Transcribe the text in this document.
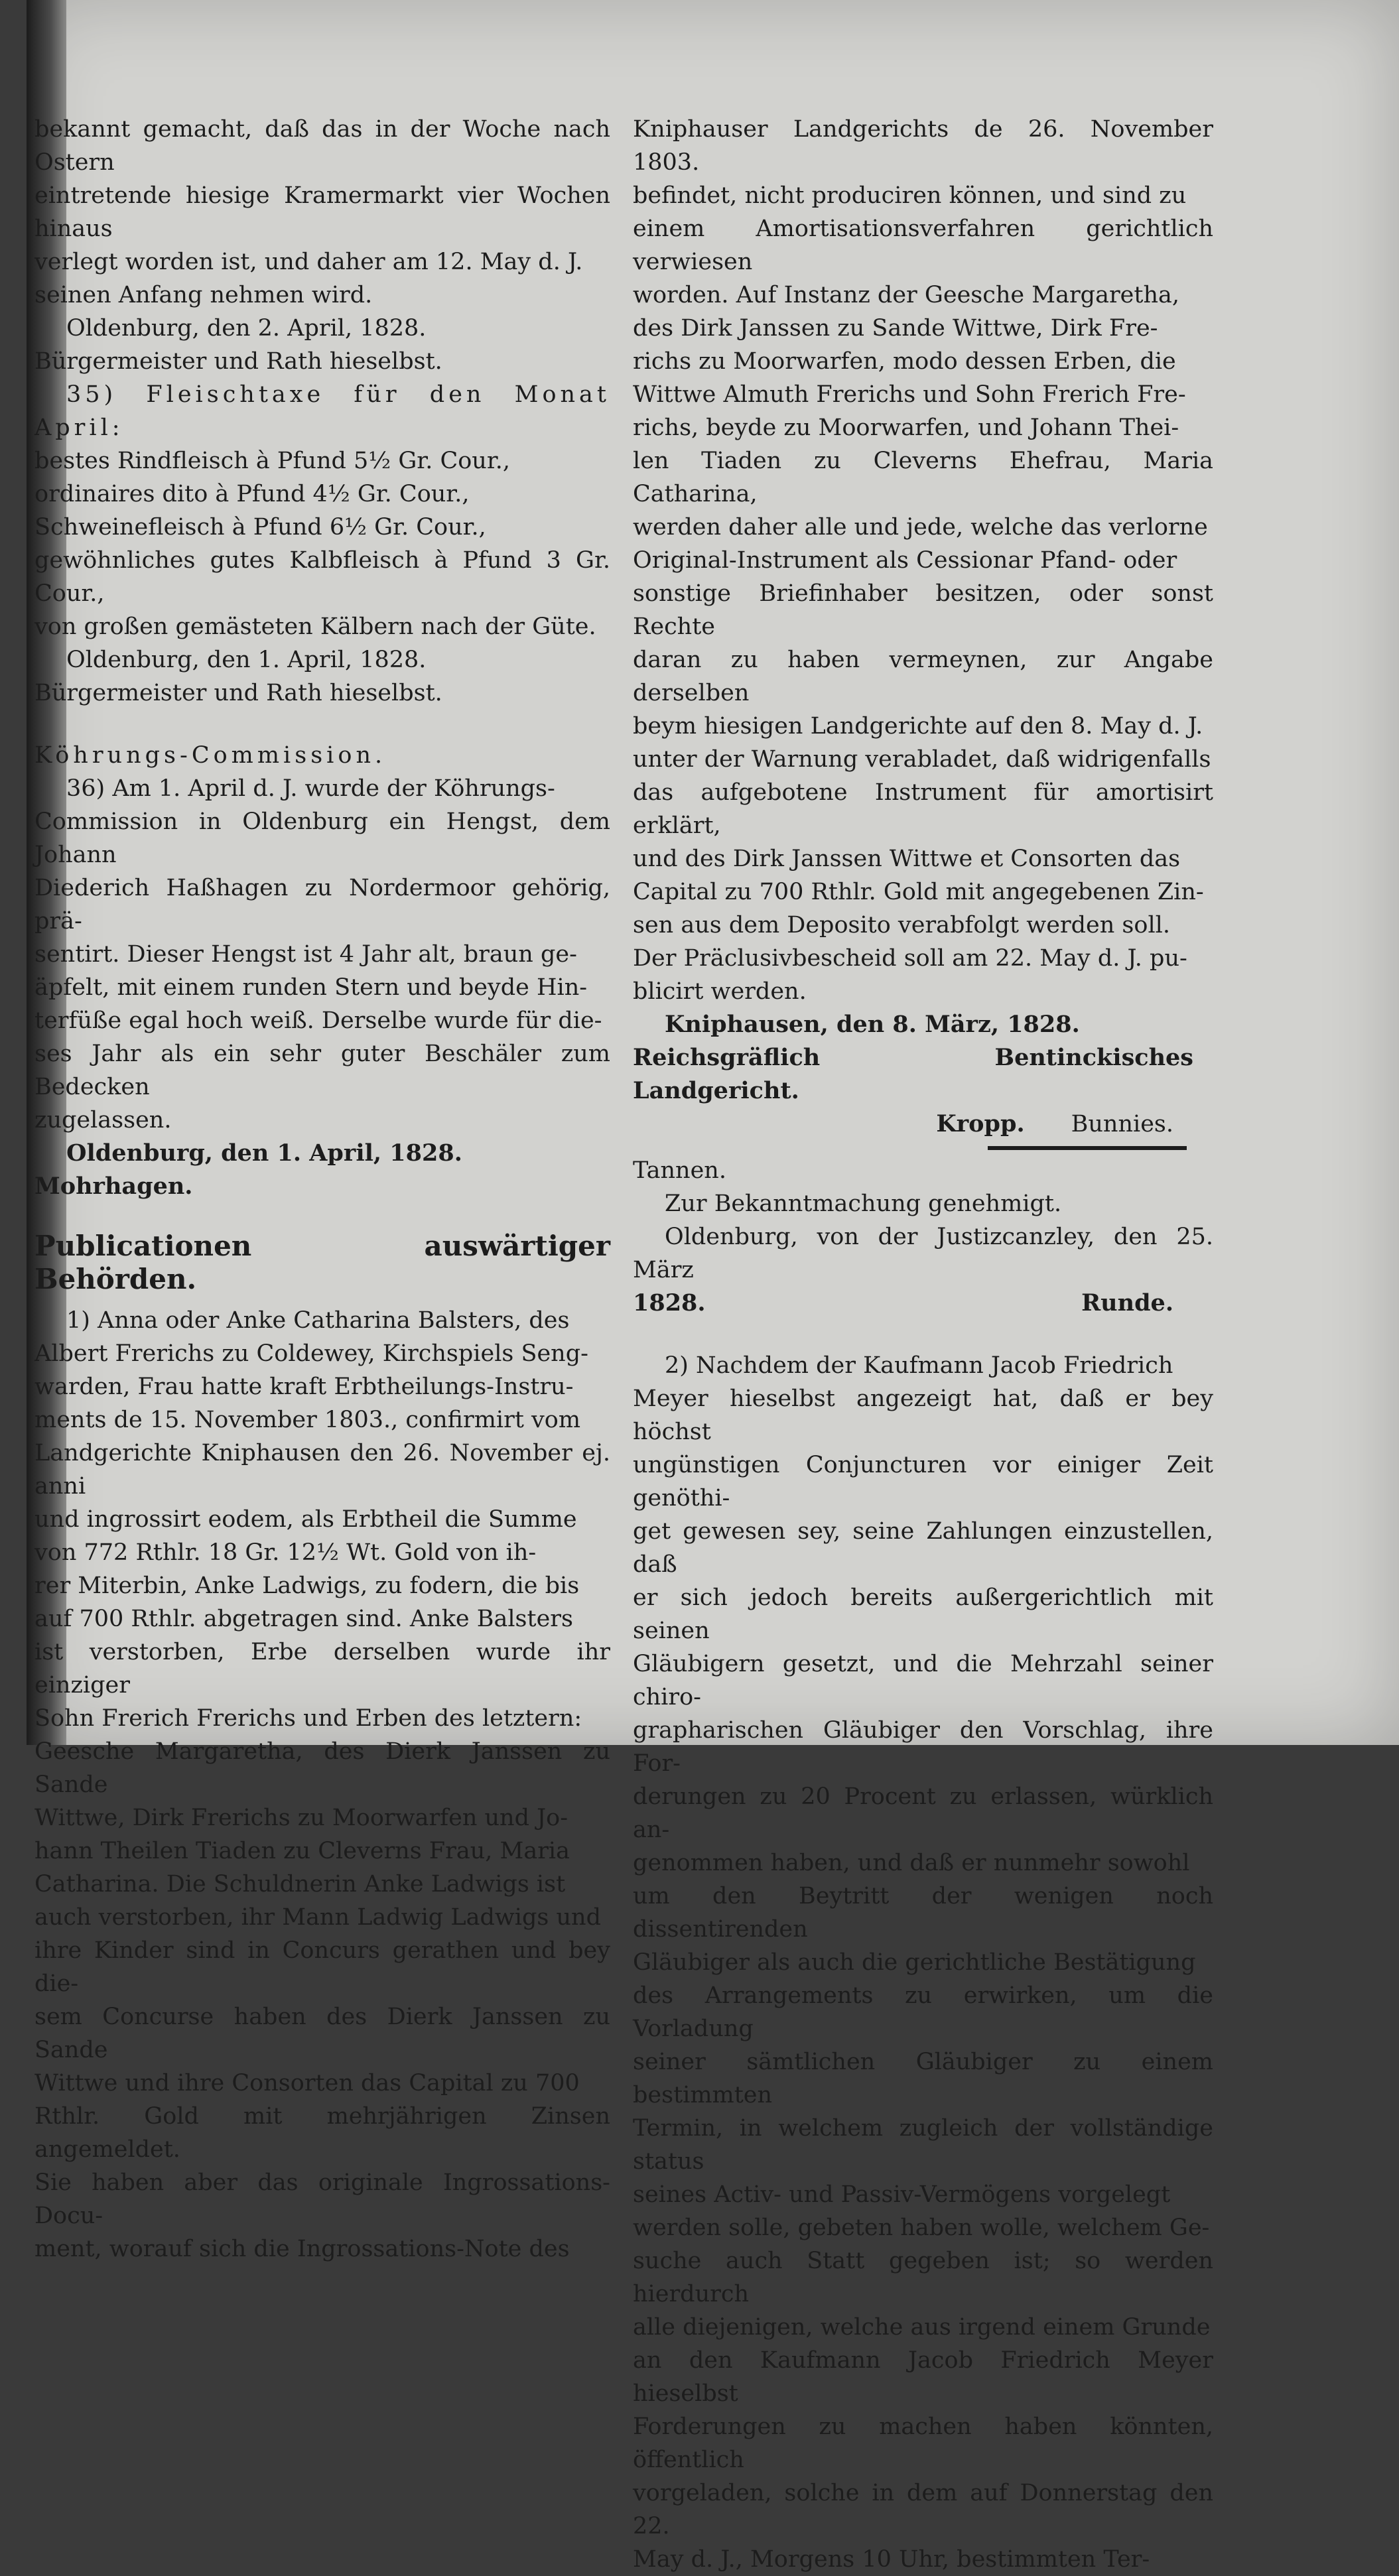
bekannt gemacht, daß das in der Woche nach Ostern

eintretende hiesige Kramermarkt vier Wochen hinaus

verlegt worden ist, und daher am 12. May d. J.

seinen Anfang nehmen wird.

Oldenburg, den 2. April, 1828.

Bürgermeister und Rath hieselbst.

35) Fleischtaxe für den Monat April:

bestes Rindfleisch à Pfund 5½ Gr. Cour.,

ordinaires dito à Pfund 4½ Gr. Cour.,

Schweinefleisch à Pfund 6½ Gr. Cour.,

gewöhnliches gutes Kalbfleisch à Pfund 3 Gr. Cour.,

von großen gemästeten Kälbern nach der Güte.

Oldenburg, den 1. April, 1828.

Bürgermeister und Rath hieselbst.

Köhrungs-Commission.

36) Am 1. April d. J. wurde der Köhrungs-

Commission in Oldenburg ein Hengst, dem Johann

Diederich Haßhagen zu Nordermoor gehörig, prä-

sentirt. Dieser Hengst ist 4 Jahr alt, braun ge-

äpfelt, mit einem runden Stern und beyde Hin-

terfüße egal hoch weiß. Derselbe wurde für die-

ses Jahr als ein sehr guter Beschäler zum Bedecken

zugelassen.

Oldenburg, den 1. April, 1828.

Mohrhagen.

Publicationen auswärtiger Behörden.

1) Anna oder Anke Catharina Balsters, des

Albert Frerichs zu Coldewey, Kirchspiels Seng-

warden, Frau hatte kraft Erbtheilungs-Instru-

ments de 15. November 1803., confirmirt vom

Landgerichte Kniphausen den 26. November ej. anni

und ingrossirt eodem, als Erbtheil die Summe

von 772 Rthlr. 18 Gr. 12½ Wt. Gold von ih-

rer Miterbin, Anke Ladwigs, zu fodern, die bis

auf 700 Rthlr. abgetragen sind. Anke Balsters

ist verstorben, Erbe derselben wurde ihr einziger

Sohn Frerich Frerichs und Erben des letztern:

Geesche Margaretha, des Dierk Janssen zu Sande

Wittwe, Dirk Frerichs zu Moorwarfen und Jo-

hann Theilen Tiaden zu Cleverns Frau, Maria

Catharina. Die Schuldnerin Anke Ladwigs ist

auch verstorben, ihr Mann Ladwig Ladwigs und

ihre Kinder sind in Concurs gerathen und bey die-

sem Concurse haben des Dierk Janssen zu Sande

Wittwe und ihre Consorten das Capital zu 700

Rthlr. Gold mit mehrjährigen Zinsen angemeldet.

Sie haben aber das originale Ingrossations-Docu-

ment, worauf sich die Ingrossations-Note des

Kniphauser Landgerichts de 26. November 1803.

befindet, nicht produciren können, und sind zu

einem Amortisationsverfahren gerichtlich verwiesen

worden. Auf Instanz der Geesche Margaretha,

des Dirk Janssen zu Sande Wittwe, Dirk Fre-

richs zu Moorwarfen, modo dessen Erben, die

Wittwe Almuth Frerichs und Sohn Frerich Fre-

richs, beyde zu Moorwarfen, und Johann Thei-

len Tiaden zu Cleverns Ehefrau, Maria Catharina,

werden daher alle und jede, welche das verlorne

Original-Instrument als Cessionar Pfand- oder

sonstige Briefinhaber besitzen, oder sonst Rechte

daran zu haben vermeynen, zur Angabe derselben

beym hiesigen Landgerichte auf den 8. May d. J.

unter der Warnung verabladet, daß widrigenfalls

das aufgebotene Instrument für amortisirt erklärt,

und des Dirk Janssen Wittwe et Consorten das

Capital zu 700 Rthlr. Gold mit angegebenen Zin-

sen aus dem Deposito verabfolgt werden soll.

Der Präclusivbescheid soll am 22. May d. J. pu-

blicirt werden.

Kniphausen, den 8. März, 1828.

Reichsgräflich Bentinckisches Landgericht.

Kropp. Bunnies.

Tannen.

Zur Bekanntmachung genehmigt.

Oldenburg, von der Justizcanzley, den 25. März

1828.	Runde.

2) Nachdem der Kaufmann Jacob Friedrich

Meyer hieselbst angezeigt hat, daß er bey höchst

ungünstigen Conjuncturen vor einiger Zeit genöthi-

get gewesen sey, seine Zahlungen einzustellen, daß

er sich jedoch bereits außergerichtlich mit seinen

Gläubigern gesetzt, und die Mehrzahl seiner chiro-

grapharischen Gläubiger den Vorschlag, ihre For-

derungen zu 20 Procent zu erlassen, würklich an-

genommen haben, und daß er nunmehr sowohl

um den Beytritt der wenigen noch dissentirenden

Gläubiger als auch die gerichtliche Bestätigung

des Arrangements zu erwirken, um die Vorladung

seiner sämtlichen Gläubiger zu einem bestimmten

Termin, in welchem zugleich der vollständige status

seines Activ- und Passiv-Vermögens vorgelegt

werden solle, gebeten haben wolle, welchem Ge-

suche auch Statt gegeben ist; so werden hierdurch

alle diejenigen, welche aus irgend einem Grunde

an den Kaufmann Jacob Friedrich Meyer hieselbst

Forderungen zu machen haben könnten, öffentlich

vorgeladen, solche in dem auf Donnerstag den 22.

May d. J., Morgens 10 Uhr, bestimmten Ter-
